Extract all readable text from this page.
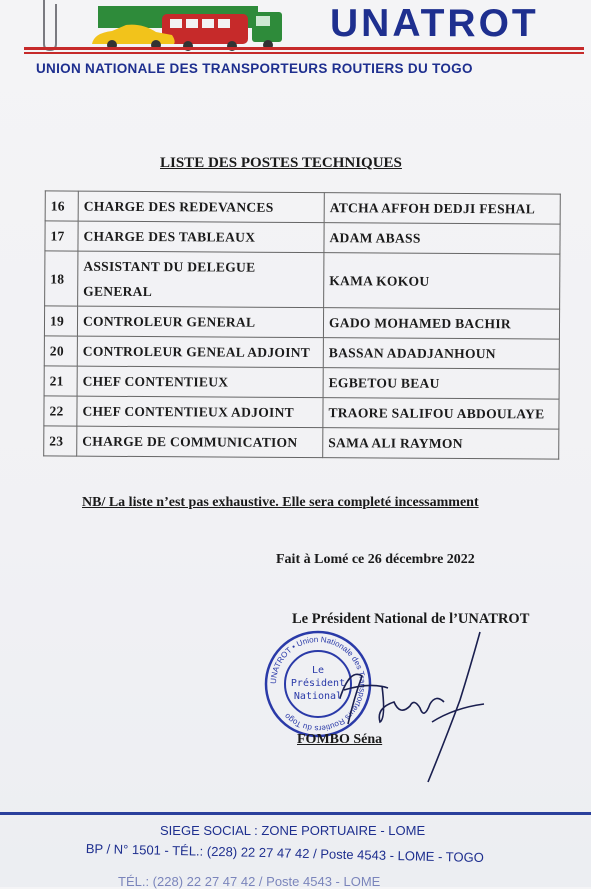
UNATROT
UNION NATIONALE DES TRANSPORTEURS ROUTIERS DU TOGO
LISTE DES POSTES TECHNIQUES
16	CHARGE DES REDEVANCES	ATCHA AFFOH DEDJI FESHAL
17	CHARGE DES TABLEAUX	ADAM ABASS
18	ASSISTANT DU DELEGUE GENERAL	KAMA KOKOU
19	CONTROLEUR GENERAL	GADO MOHAMED BACHIR
20	CONTROLEUR GENEAL ADJOINT	BASSAN ADADJANHOUN
21	CHEF CONTENTIEUX	EGBETOU BEAU
22	CHEF CONTENTIEUX ADJOINT	TRAORE SALIFOU ABDOULAYE
23	CHARGE DE COMMUNICATION	SAMA ALI RAYMON
NB/ La liste n’est pas exhaustive. Elle sera completé incessamment
Fait à Lomé ce 26 décembre 2022
Le Président National de l’UNATROT
UNATROT • Union Nationale des Transporteurs Routiers du Togo
Le
Président
National
FOMBO Séna
SIEGE SOCIAL : ZONE PORTUAIRE - LOME
BP / N° 1501 - TÉL.: (228) 22 27 47 42 / Poste 4543 - LOME - TOGO
TÉL.: (228) 22 27 47 42 / Poste 4543 - LOME
